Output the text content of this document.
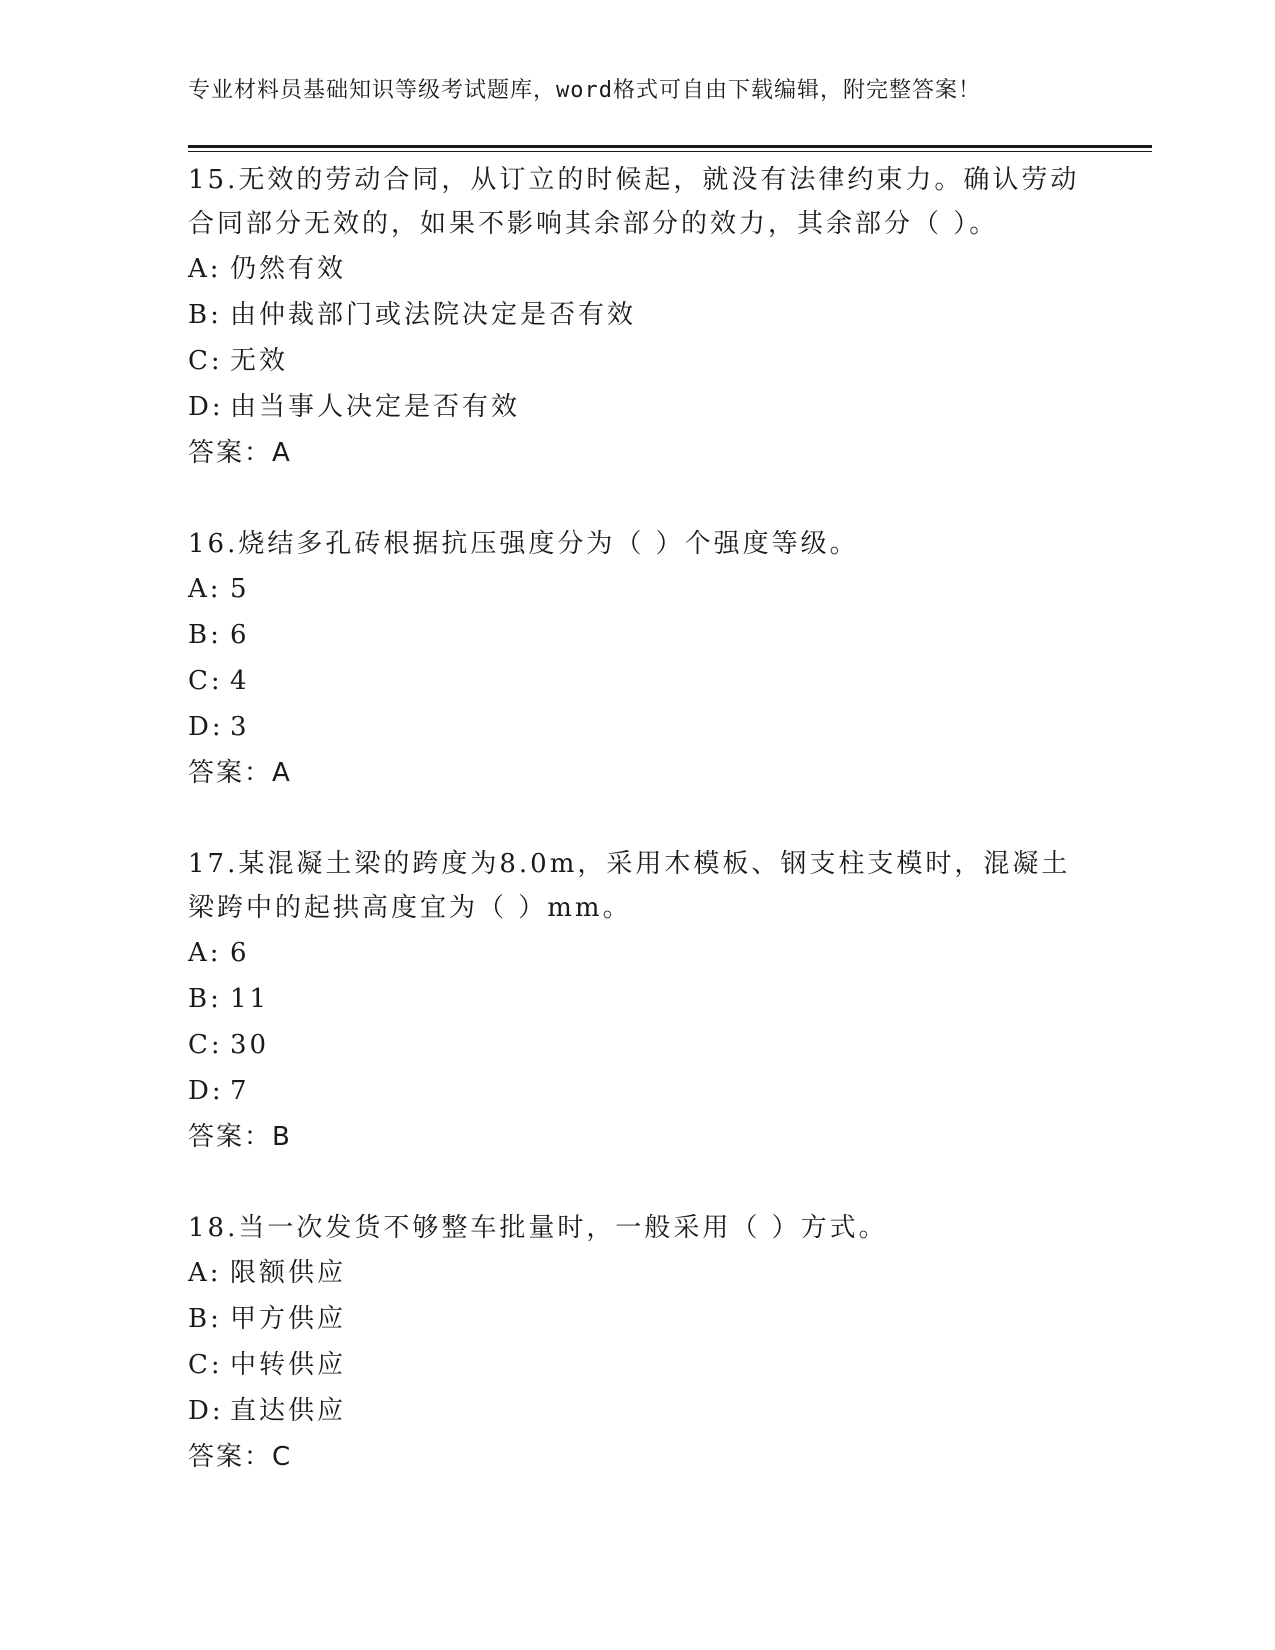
专业材料员基础知识等级考试题库，word格式可自由下载编辑，附完整答案！
15.无效的劳动合同，从订立的时候起，就没有法律约束力。确认劳动合同部分无效的，如果不影响其余部分的效力，其余部分（ ）。
A: 仍然有效
B: 由仲裁部门或法院决定是否有效
C: 无效
D: 由当事人决定是否有效
答案：A
16.烧结多孔砖根据抗压强度分为（ ）个强度等级。
A: 5
B: 6
C: 4
D: 3
答案：A
17.某混凝土梁的跨度为8.0m，采用木模板、钢支柱支模时，混凝土梁跨中的起拱高度宜为（ ）mm。
A: 6
B: 11
C: 30
D: 7
答案：B
18.当一次发货不够整车批量时，一般采用（ ）方式。
A: 限额供应
B: 甲方供应
C: 中转供应
D: 直达供应
答案：C
